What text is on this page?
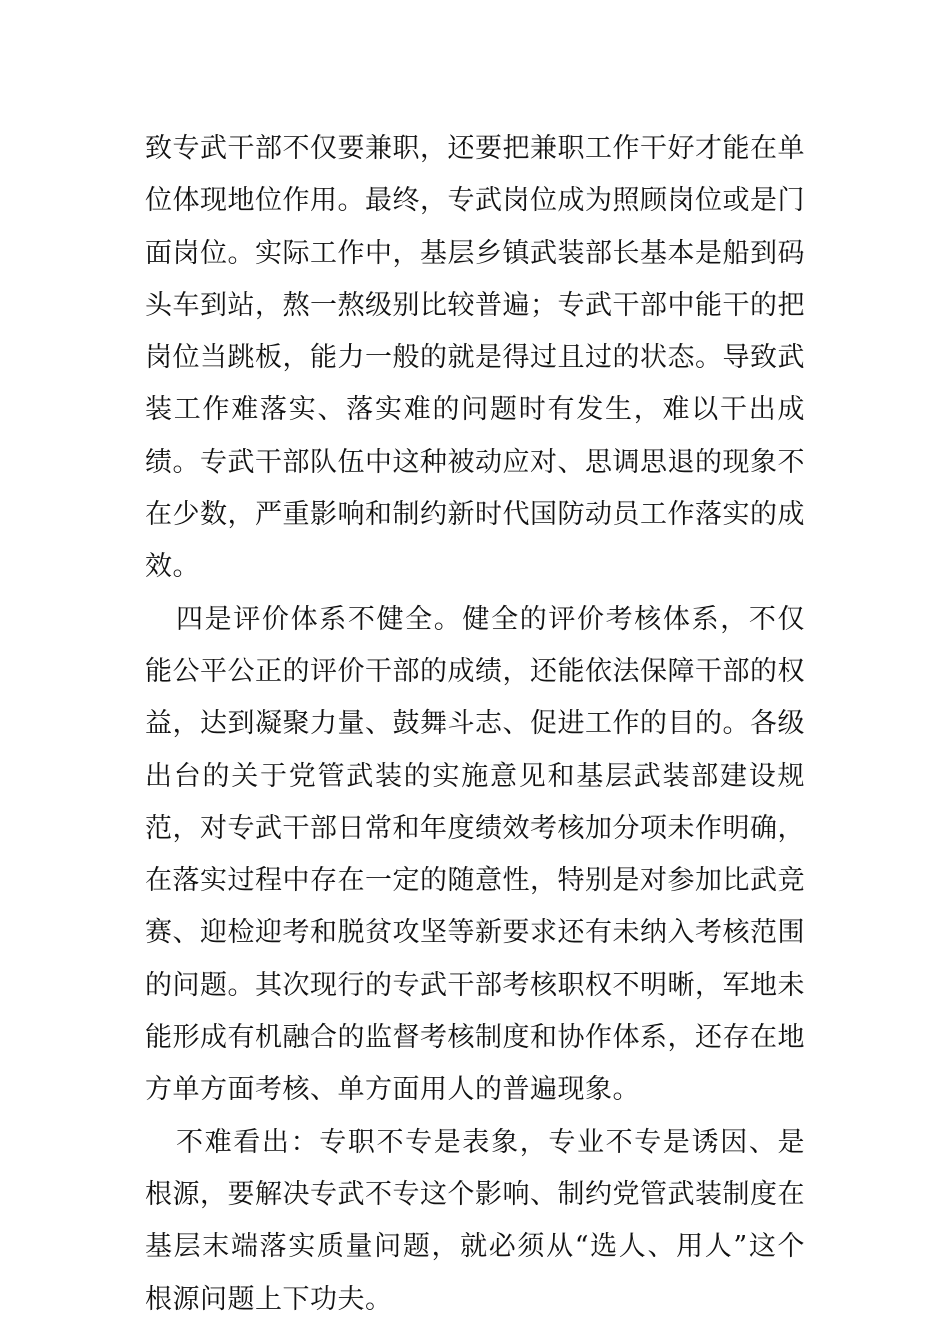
致专武干部不仅要兼职，还要把兼职工作干好才能在单位体现地位作用。最终，专武岗位成为照顾岗位或是门面岗位。实际工作中，基层乡镇武装部长基本是船到码头车到站，熬一熬级别比较普遍；专武干部中能干的把岗位当跳板，能力一般的就是得过且过的状态。导致武装工作难落实、落实难的问题时有发生，难以干出成绩。专武干部队伍中这种被动应对、思调思退的现象不在少数，严重影响和制约新时代国防动员工作落实的成效。

四是评价体系不健全。健全的评价考核体系，不仅能公平公正的评价干部的成绩，还能依法保障干部的权益，达到凝聚力量、鼓舞斗志、促进工作的目的。各级出台的关于党管武装的实施意见和基层武装部建设规范，对专武干部日常和年度绩效考核加分项未作明确，在落实过程中存在一定的随意性，特别是对参加比武竞赛、迎检迎考和脱贫攻坚等新要求还有未纳入考核范围的问题。其次现行的专武干部考核职权不明晰，军地未能形成有机融合的监督考核制度和协作体系，还存在地方单方面考核、单方面用人的普遍现象。

不难看出：专职不专是表象，专业不专是诱因、是根源，要解决专武不专这个影响、制约党管武装制度在基层末端落实质量问题，就必须从“选人、用人”这个根源问题上下功夫。
